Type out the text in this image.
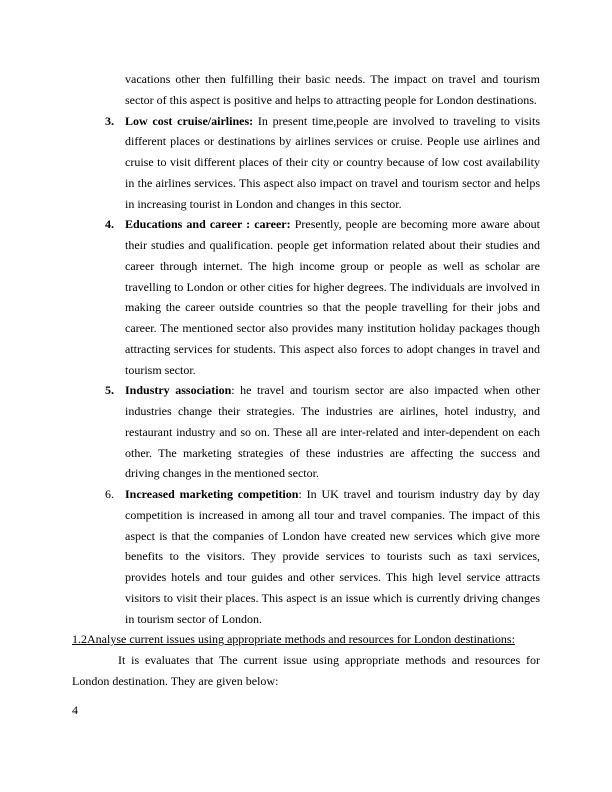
vacations other then fulfilling their basic needs. The impact on travel and tourism sector of this aspect is positive and helps to attracting people for London destinations.

3. Low cost cruise/airlines: In present time,people are involved to traveling to visits different places or destinations by airlines services or cruise. People use airlines and cruise to visit different places of their city or country because of low cost availability in the airlines services. This aspect also impact on travel and tourism sector and helps in increasing tourist in London and changes in this sector.
4. Educations and career : career: Presently, people are becoming more aware about their studies and qualification. people get information related about their studies and career through internet. The high income group or people as well as scholar are travelling to London or other cities for higher degrees. The individuals are involved in making the career outside countries so that the people travelling for their jobs and career. The mentioned sector also provides many institution holiday packages though attracting services for students. This aspect also forces to adopt changes in travel and tourism sector.
5. Industry association: he travel and tourism sector are also impacted when other industries change their strategies. The industries are airlines, hotel industry, and restaurant industry and so on. These all are inter-related and inter-dependent on each other. The marketing strategies of these industries are affecting the success and driving changes in the mentioned sector.
6. Increased marketing competition: In UK travel and tourism industry day by day competition is increased in among all tour and travel companies. The impact of this aspect is that the companies of London have created new services which give more benefits to the visitors. They provide services to tourists such as taxi services, provides hotels and tour guides and other services. This high level service attracts visitors to visit their places. This aspect is an issue which is currently driving changes in tourism sector of London.
1.2Analyse current issues using appropriate methods and resources for London destinations:

It is evaluates that The current issue using appropriate methods and resources for London destination. They are given below:

4
